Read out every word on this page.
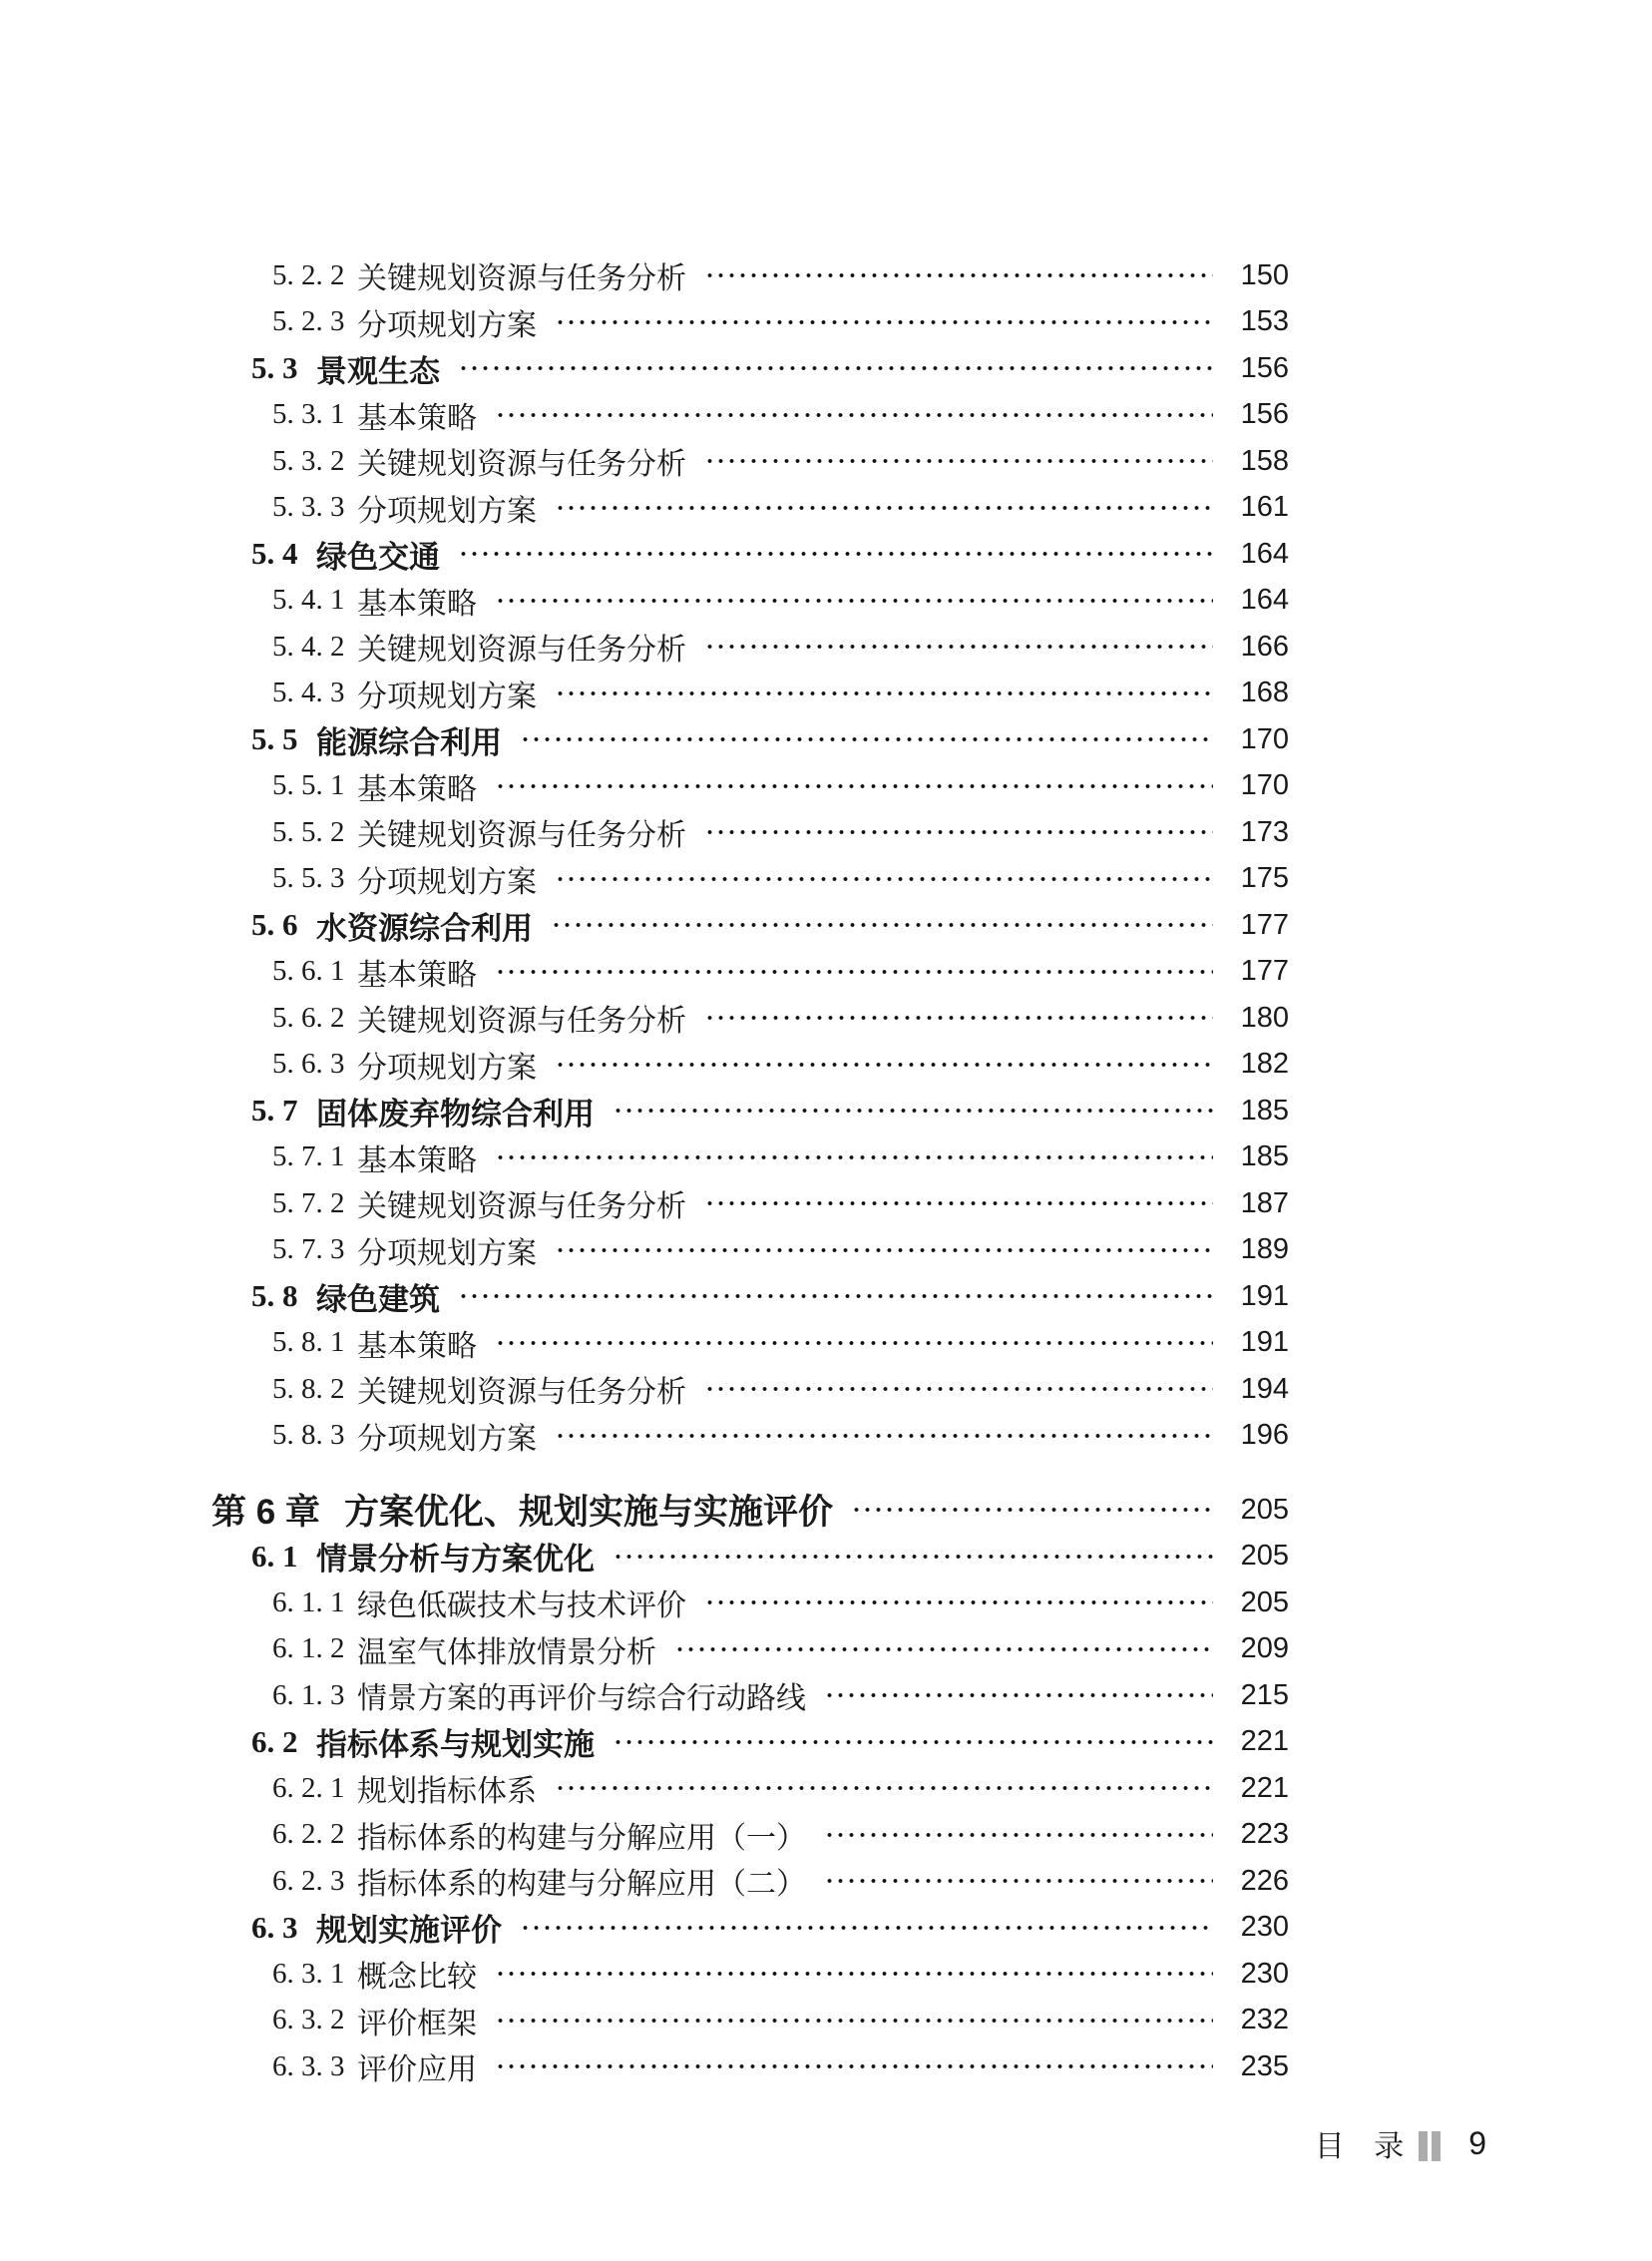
5. 2. 2 关键规划资源与任务分析	150
5. 2. 3 分项规划方案	153
5. 3 景观生态	156
5. 3. 1 基本策略	156
5. 3. 2 关键规划资源与任务分析	158
5. 3. 3 分项规划方案	161
5. 4 绿色交通	164
5. 4. 1 基本策略	164
5. 4. 2 关键规划资源与任务分析	166
5. 4. 3 分项规划方案	168
5. 5 能源综合利用	170
5. 5. 1 基本策略	170
5. 5. 2 关键规划资源与任务分析	173
5. 5. 3 分项规划方案	175
5. 6 水资源综合利用	177
5. 6. 1 基本策略	177
5. 6. 2 关键规划资源与任务分析	180
5. 6. 3 分项规划方案	182
5. 7 固体废弃物综合利用	185
5. 7. 1 基本策略	185
5. 7. 2 关键规划资源与任务分析	187
5. 7. 3 分项规划方案	189
5. 8 绿色建筑	191
5. 8. 1 基本策略	191
5. 8. 2 关键规划资源与任务分析	194
5. 8. 3 分项规划方案	196
第 6 章 方案优化、规划实施与实施评价	205
6. 1 情景分析与方案优化	205
6. 1. 1 绿色低碳技术与技术评价	205
6. 1. 2 温室气体排放情景分析	209
6. 1. 3 情景方案的再评价与综合行动路线	215
6. 2 指标体系与规划实施	221
6. 2. 1 规划指标体系	221
6. 2. 2 指标体系的构建与分解应用（一）	223
6. 2. 3 指标体系的构建与分解应用（二）	226
6. 3 规划实施评价	230
6. 3. 1 概念比较	230
6. 3. 2 评价框架	232
6. 3. 3 评价应用	235
目 录 9
